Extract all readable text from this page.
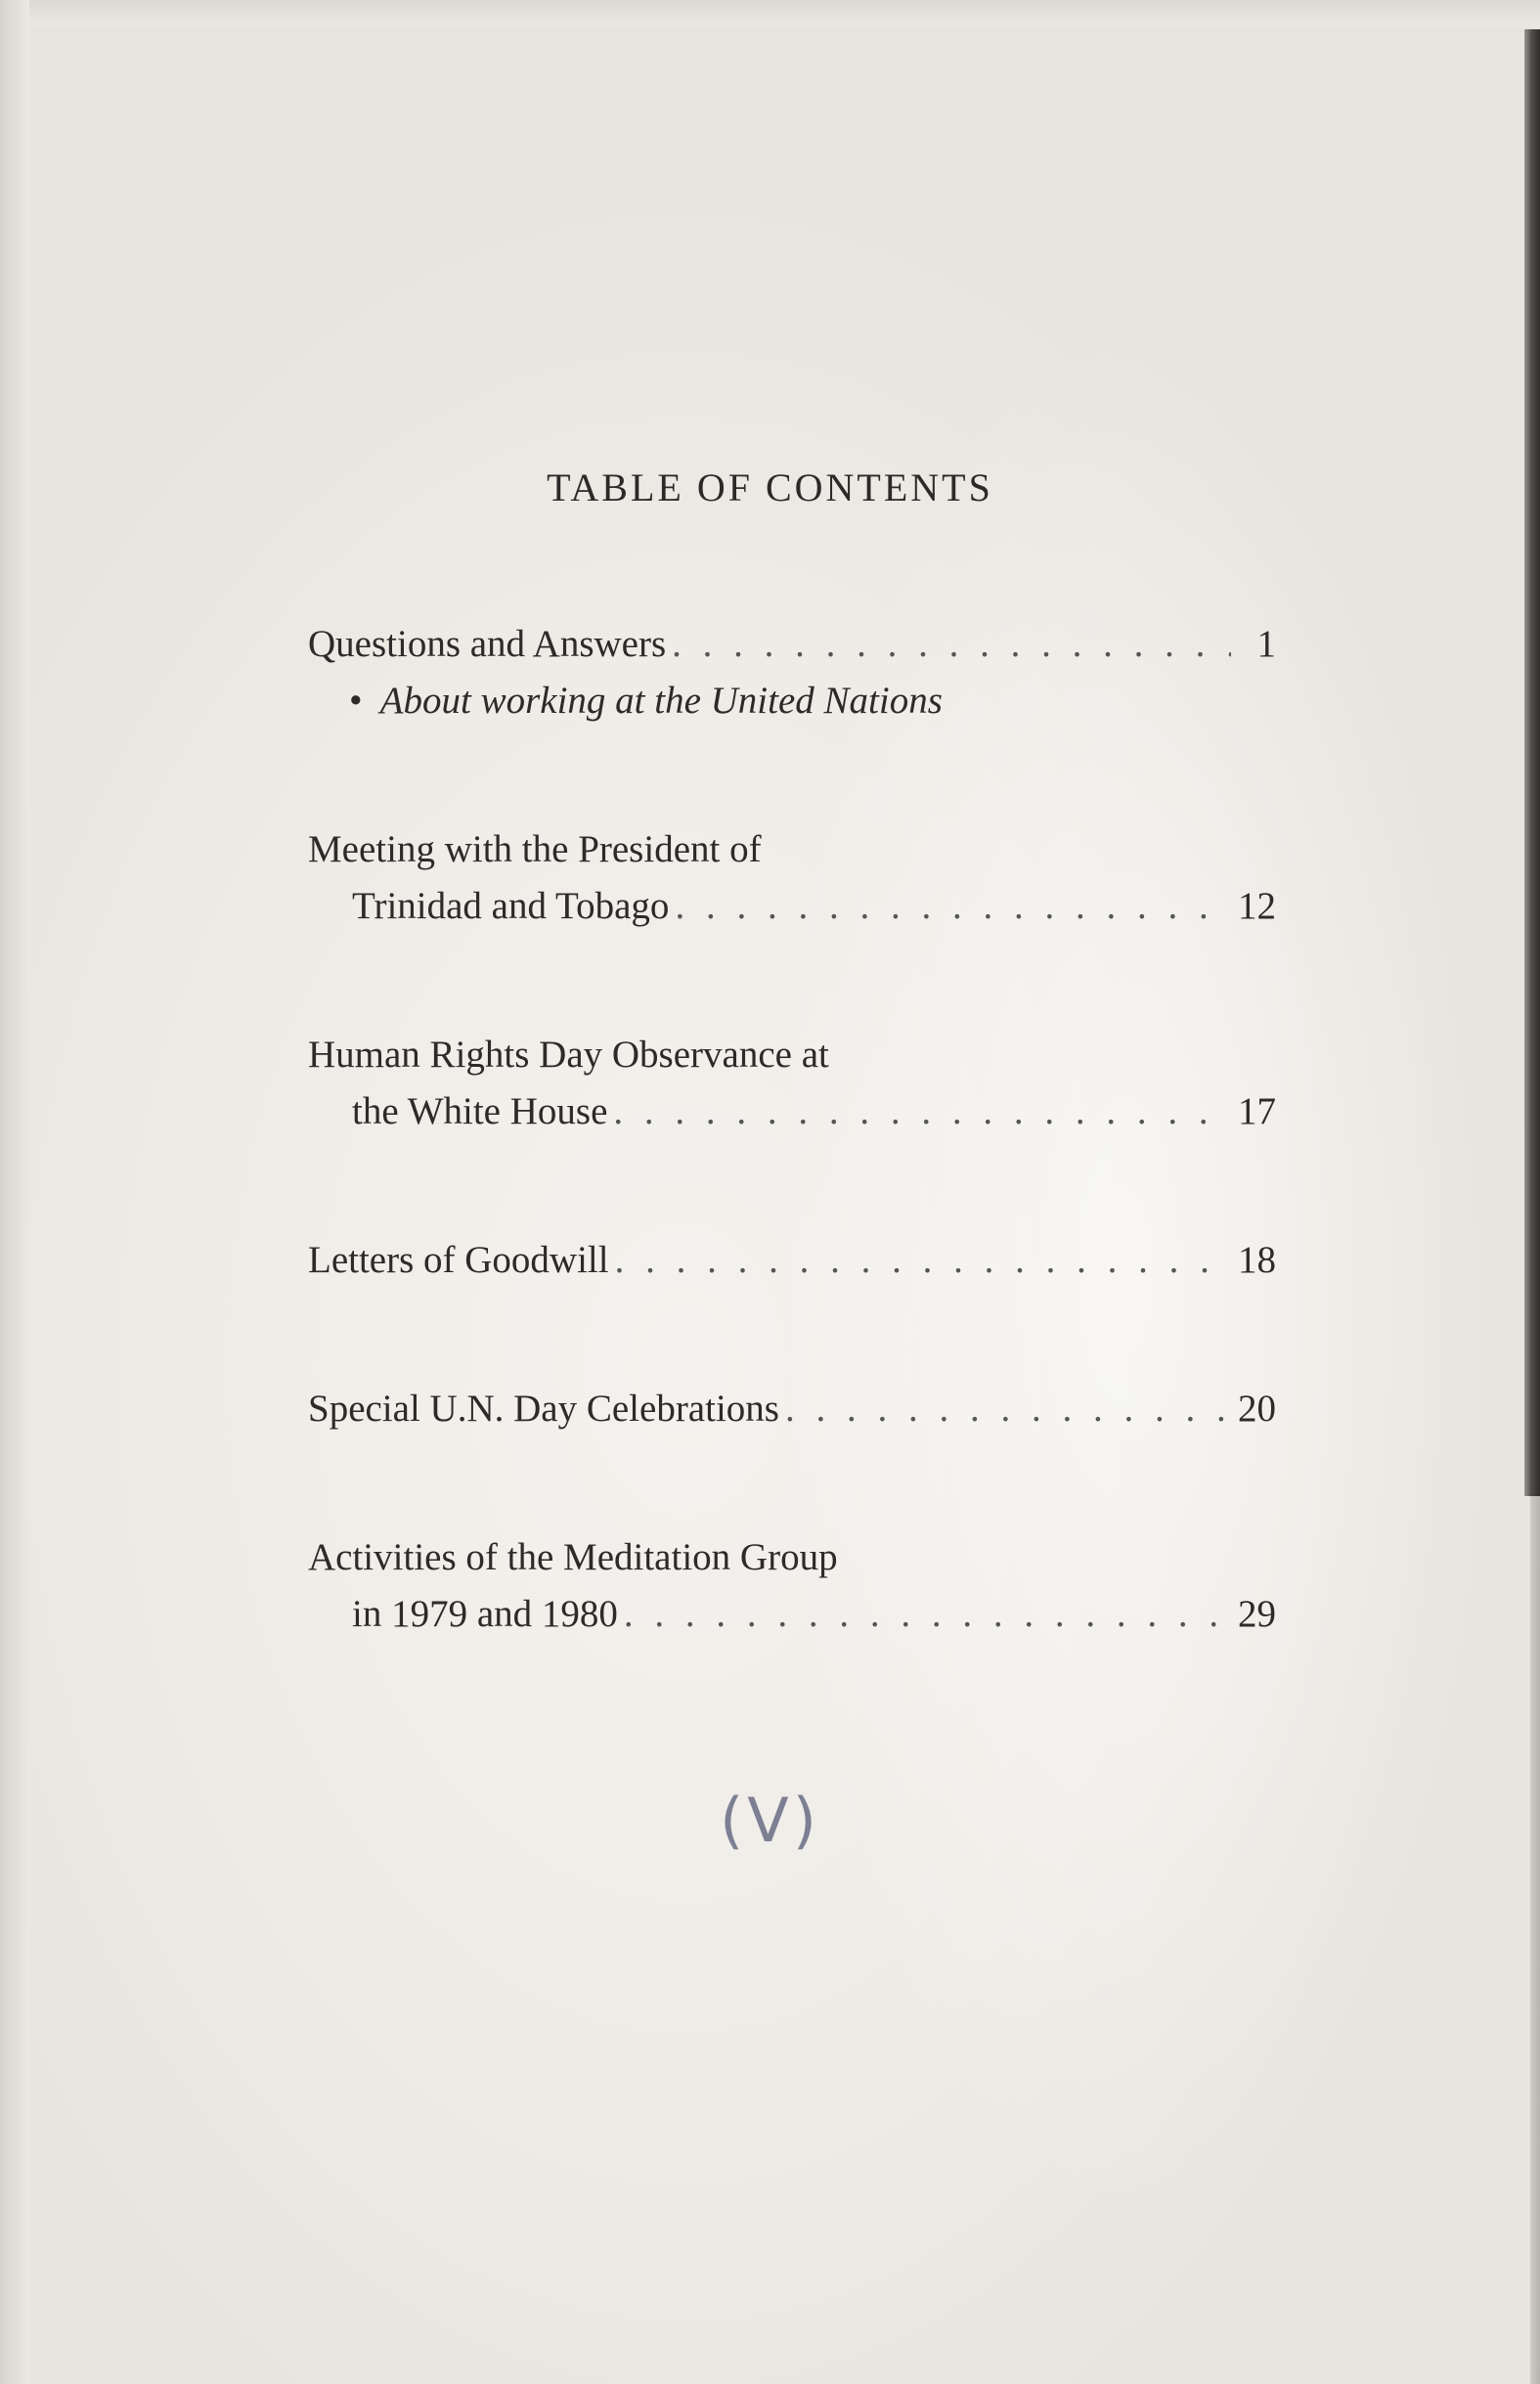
TABLE OF CONTENTS
Questions and Answers . . .	1
• About working at the United Nations
Meeting with the President of
Trinidad and Tobago . . .	12
Human Rights Day Observance at
the White House . . .	17
Letters of Goodwill . . .	18
Special U.N. Day Celebrations . . .	20
Activities of the Meditation Group
in 1979 and 1980 . . .	29
(V)
